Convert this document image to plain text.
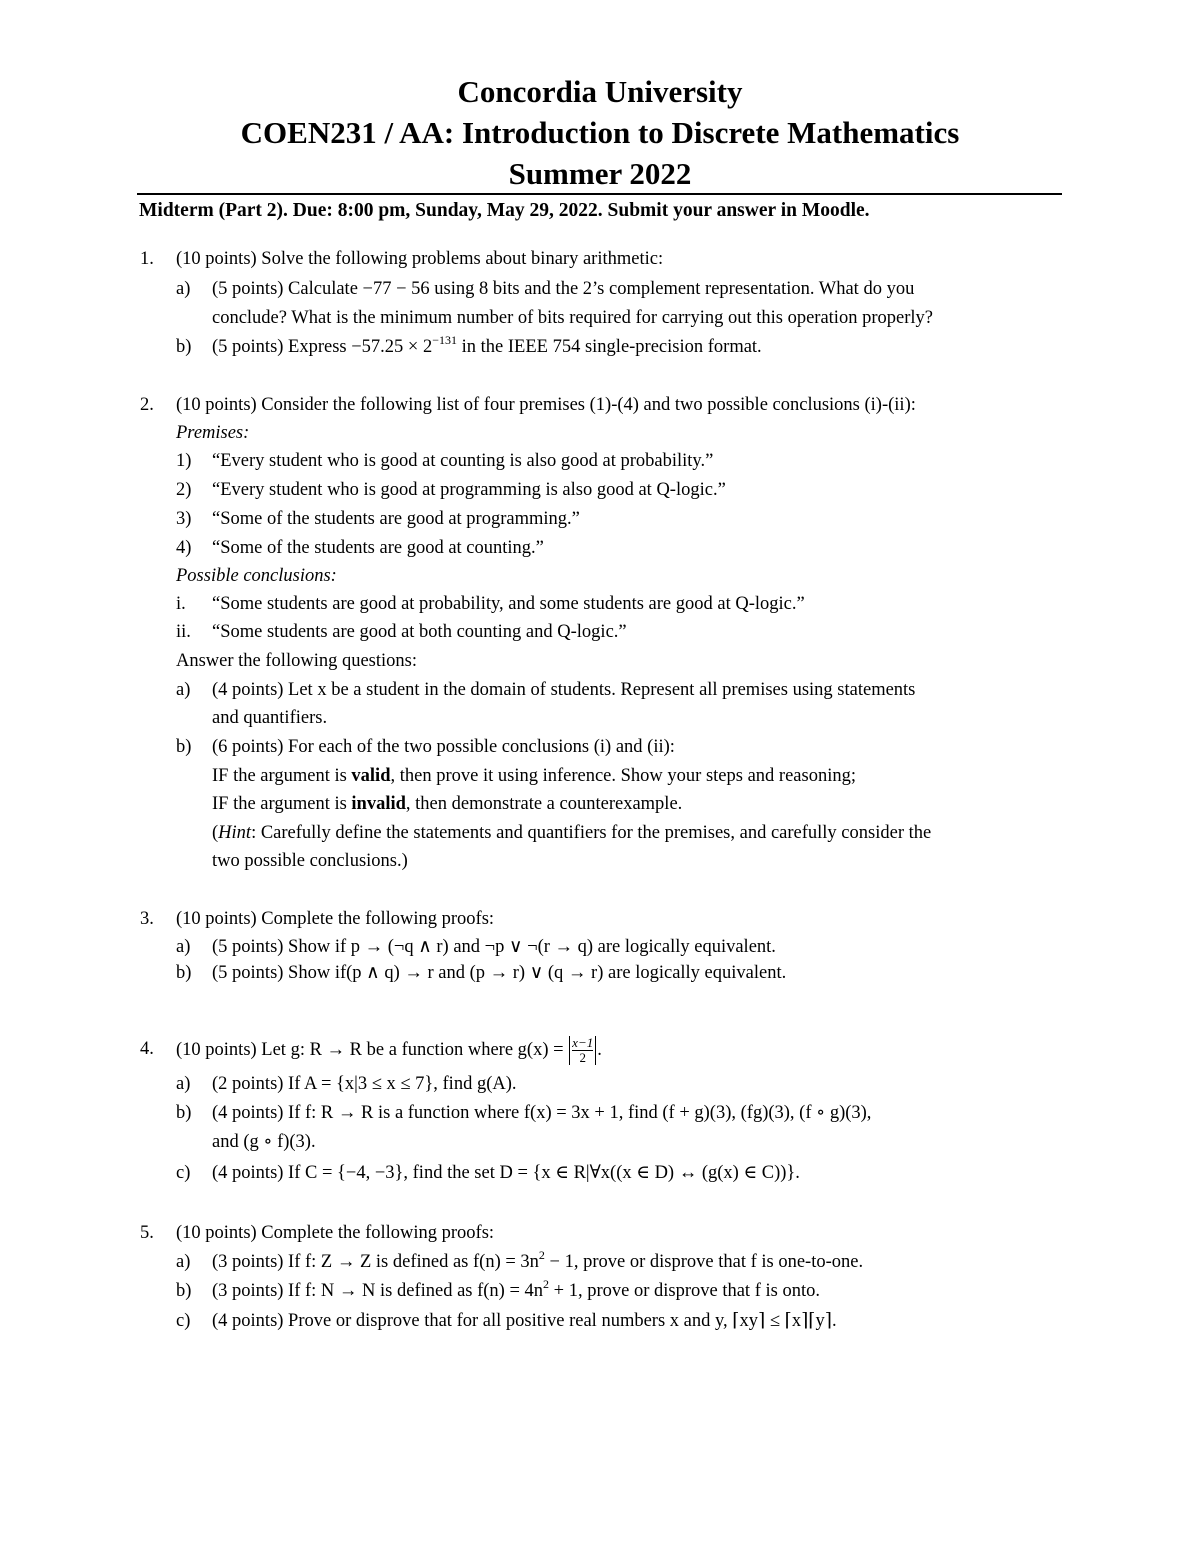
Concordia University
COEN231 / AA: Introduction to Discrete Mathematics
Summer 2022
Midterm (Part 2). Due: 8:00 pm, Sunday, May 29, 2022. Submit your answer in Moodle.
1. (10 points) Solve the following problems about binary arithmetic:
a) (5 points) Calculate −77 − 56 using 8 bits and the 2’s complement representation. What do you
conclude? What is the minimum number of bits required for carrying out this operation properly?
b) (5 points) Express $-57.25 \times 2^{-131}$ in the IEEE 754 single-precision format.
2. (10 points) Consider the following list of four premises (1)-(4) and two possible conclusions (i)-(ii):
Premises:
1) “Every student who is good at counting is also good at probability.”
2) “Every student who is good at programming is also good at Q-logic.”
3) “Some of the students are good at programming.”
4) “Some of the students are good at counting.”
Possible conclusions:
i. “Some students are good at probability, and some students are good at Q-logic.”
ii. “Some students are good at both counting and Q-logic.”
Answer the following questions:
a) (4 points) Let x be a student in the domain of students. Represent all premises using statements
and quantifiers.
b) (6 points) For each of the two possible conclusions (i) and (ii):
IF the argument is valid, then prove it using inference. Show your steps and reasoning;
IF the argument is invalid, then demonstrate a counterexample.
(Hint: Carefully define the statements and quantifiers for the premises, and carefully consider the
two possible conclusions.)
3. (10 points) Complete the following proofs:
a) (5 points) Show if p → (¬q ∧ r) and ¬p ∨ ¬(r → q) are logically equivalent.
b) (5 points) Show if(p ∧ q) → r and (p → r) ∨ (q → r) are logically equivalent.
4. (10 points) Let g: R → R be a function where $g(x) = \frac{x-1}{2}$ .
a) (2 points) If A = {x|3 ≤ x ≤ 7}, find g(A).
b) (4 points) If f: R → R is a function where f(x) = 3x + 1, find (f + g)(3), (fg)(3), (f ∘ g)(3),
and (g ∘ f)(3).
c) (4 points) If C = {−4, −3}, find the set D = {x ∈ R|∀x((x ∈ D) ↔ (g(x) ∈ C))}.
5. (10 points) Complete the following proofs:
a) (3 points) If f: Z → Z is defined as $f(n) = 3n^2 - 1$, prove or disprove that f is one-to-one.
b) (3 points) If f: N → N is defined as $f(n) = 4n^2 + 1$, prove or disprove that f is onto.
c) (4 points) Prove or disprove that for all positive real numbers x and y, ⌈xy⌉ ≤ ⌈x⌉⌈y⌉.
